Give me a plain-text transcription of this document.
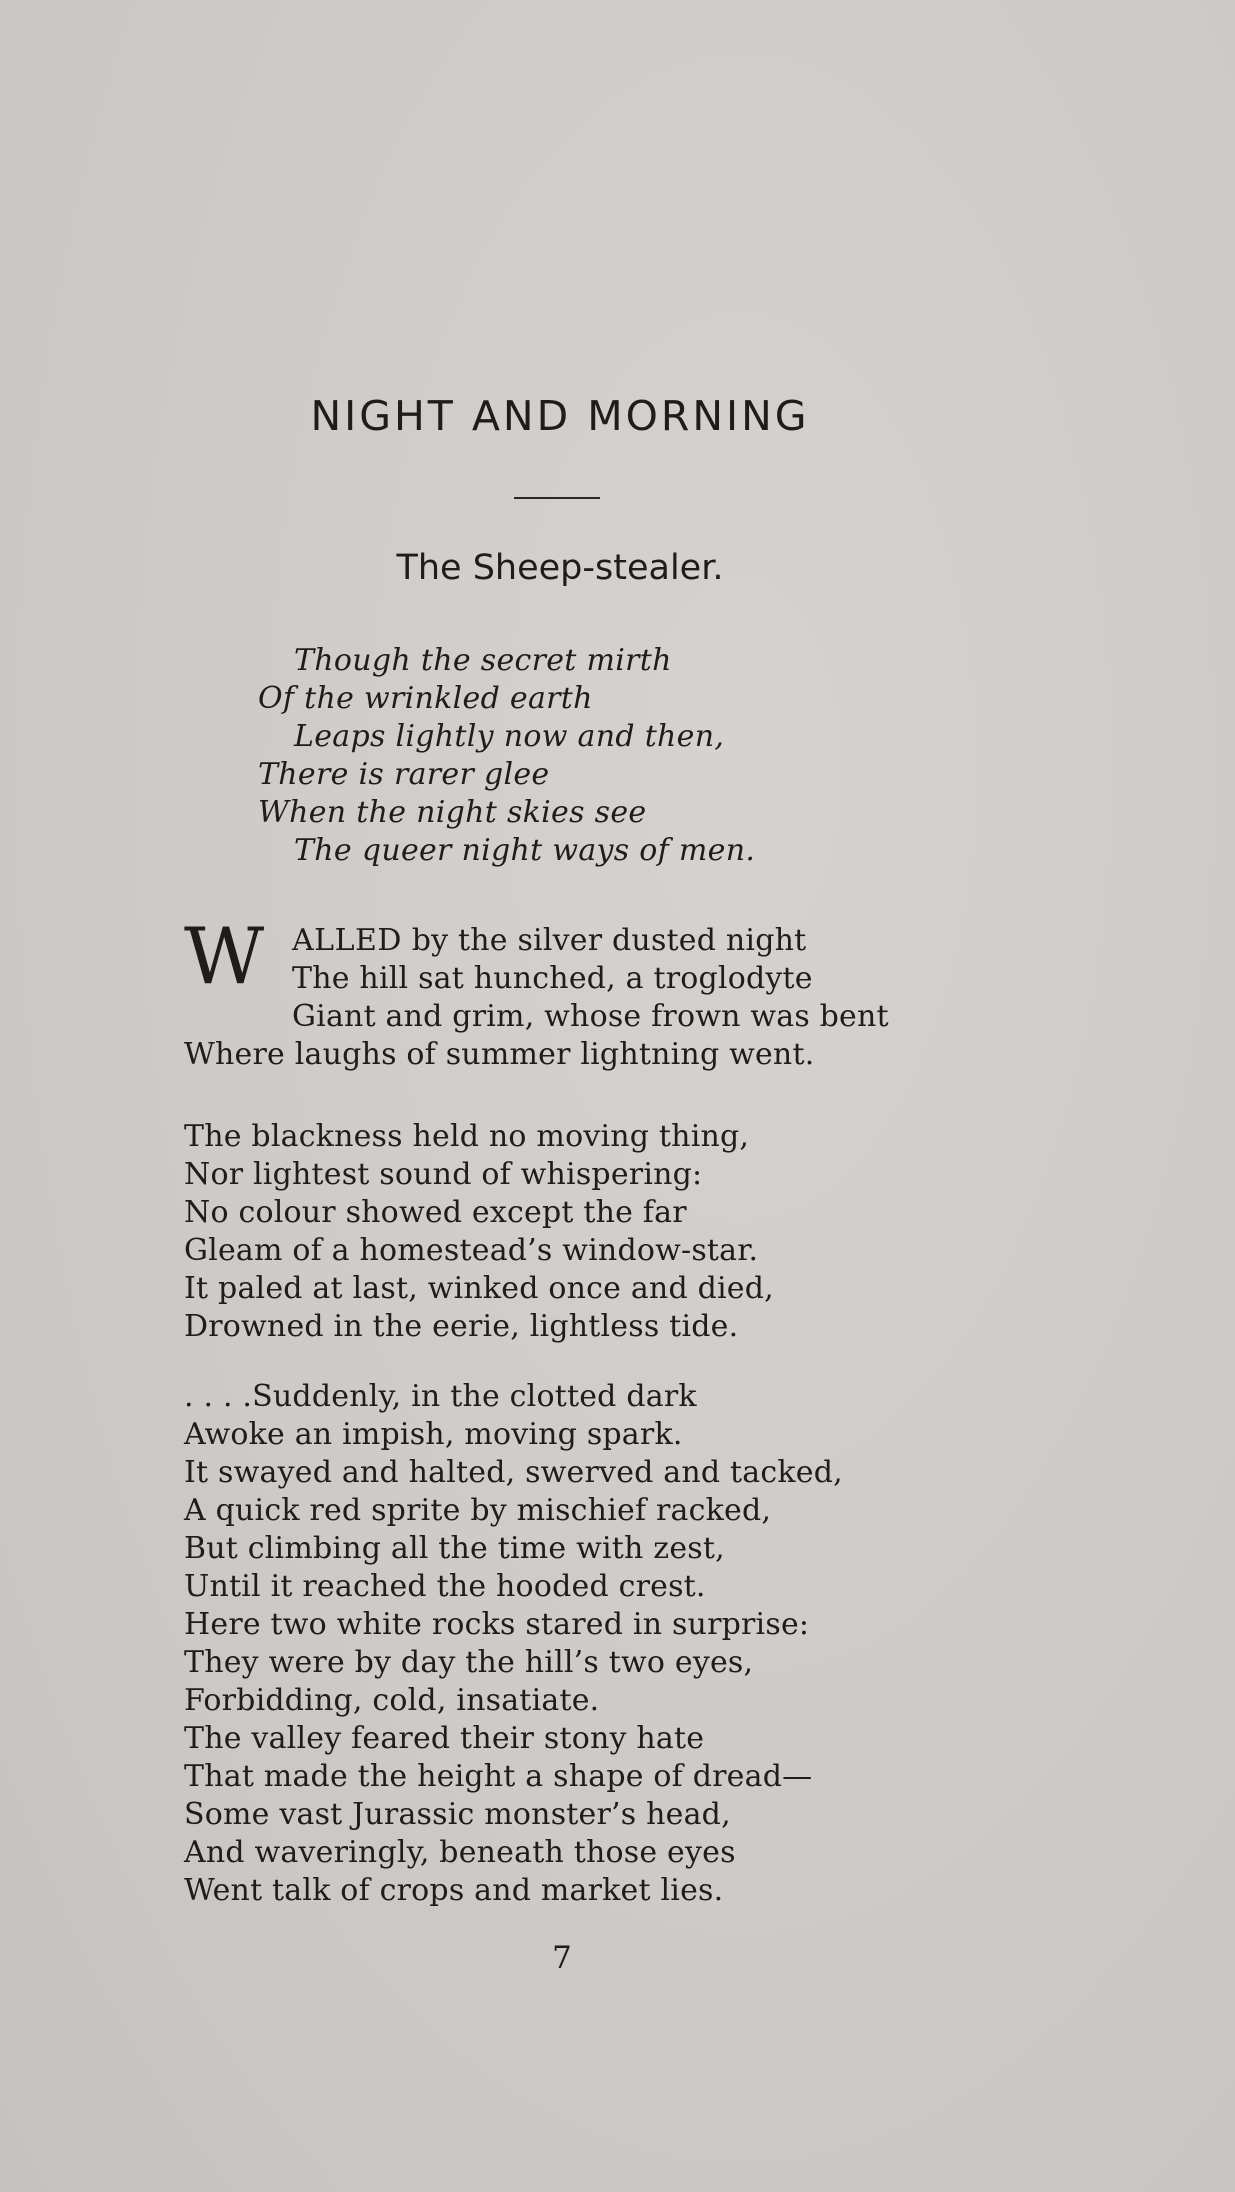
NIGHT AND MORNING
The Sheep-stealer.
Though the secret mirth
Of the wrinkled earth
Leaps lightly now and then,
There is rarer glee
When the night skies see
The queer night ways of men.
W ALLED by the silver dusted night
The hill sat hunched, a troglodyte
Giant and grim, whose frown was bent
Where laughs of summer lightning went.
The blackness held no moving thing,
Nor lightest sound of whispering:
No colour showed except the far
Gleam of a homestead’s window-star.
It paled at last, winked once and died,
Drowned in the eerie, lightless tide.
. . . .Suddenly, in the clotted dark
Awoke an impish, moving spark.
It swayed and halted, swerved and tacked,
A quick red sprite by mischief racked,
But climbing all the time with zest,
Until it reached the hooded crest.
Here two white rocks stared in surprise:
They were by day the hill’s two eyes,
Forbidding, cold, insatiate.
The valley feared their stony hate
That made the height a shape of dread—
Some vast Jurassic monster’s head,
And waveringly, beneath those eyes
Went talk of crops and market lies.
7
